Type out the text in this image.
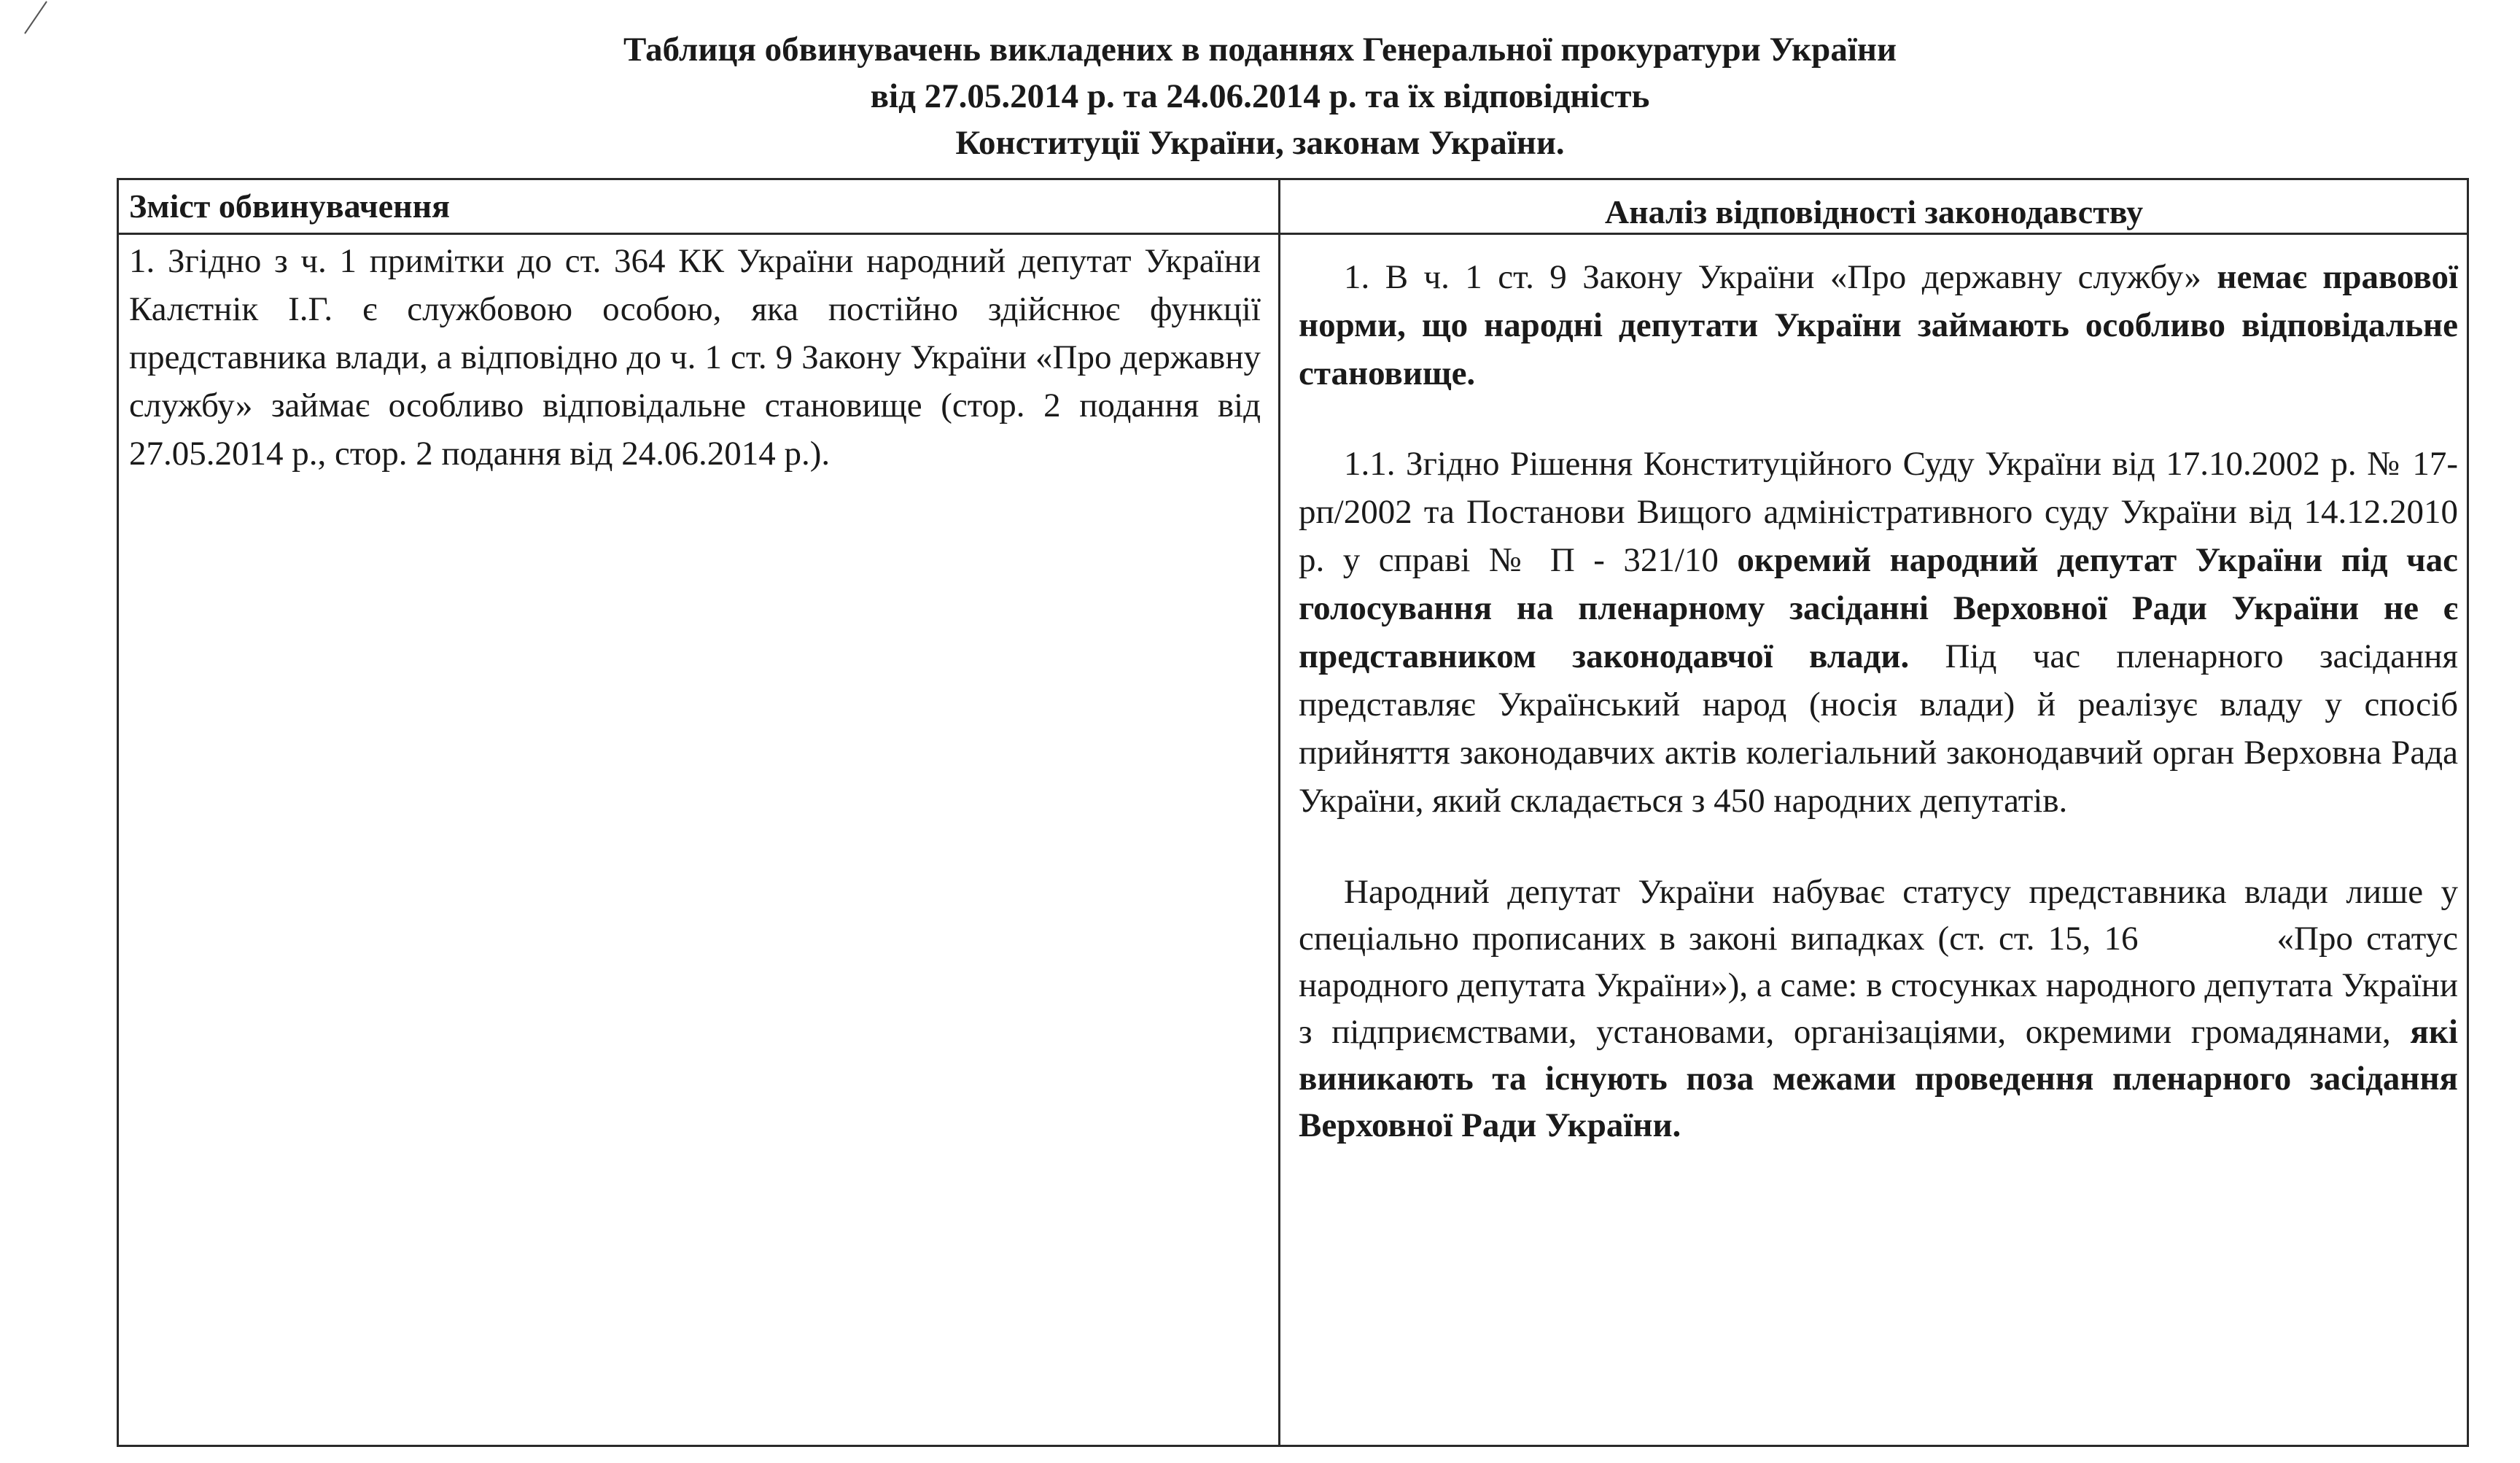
Таблиця обвинувачень викладених в поданнях Генеральної прокуратури України
від 27.05.2014 р. та 24.06.2014 р. та їх відповідність
Конституції України, законам України.
Зміст обвинувачення	Аналіз відповідності законодавству

1. Згідно з ч. 1 примітки до ст. 364 КК України народний депутат України Калєтнік І.Г. є службовою особою, яка постійно здійснює функції представника влади, а відповідно до ч. 1 ст. 9 Закону України «Про державну службу» займає особливо відповідальне становище (стор. 2 подання від 27.05.2014 р., стор. 2 подання від 24.06.2014 р.).

1. В ч. 1 ст. 9 Закону України «Про державну службу» немає правової норми, що народні депутати України займають особливо відповідальне становище.

1.1. Згідно Рішення Конституційного Суду України від 17.10.2002 р. № 17-рп/2002 та Постанови Вищого адміністративного суду України від 14.12.2010 р. у справі № П - 321/10 окремий народний депутат України під час голосування на пленарному засіданні Верховної Ради України не є представником законодавчої влади. Під час пленарного засідання представляє Український народ (носія влади) й реалізує владу у спосіб прийняття законодавчих актів колегіальний законодавчий орган Верховна Рада України, який складається з 450 народних депутатів.

Народний депутат України набуває статусу представника влади лише у спеціально прописаних в законі випадках (ст. ст. 15, 16	«Про статус народного депутата України»), а саме: в стосунках народного депутата України з підприємствами, установами, організаціями, окремими громадянами, які виникають та існують поза межами проведення пленарного засідання Верховної Ради України.
